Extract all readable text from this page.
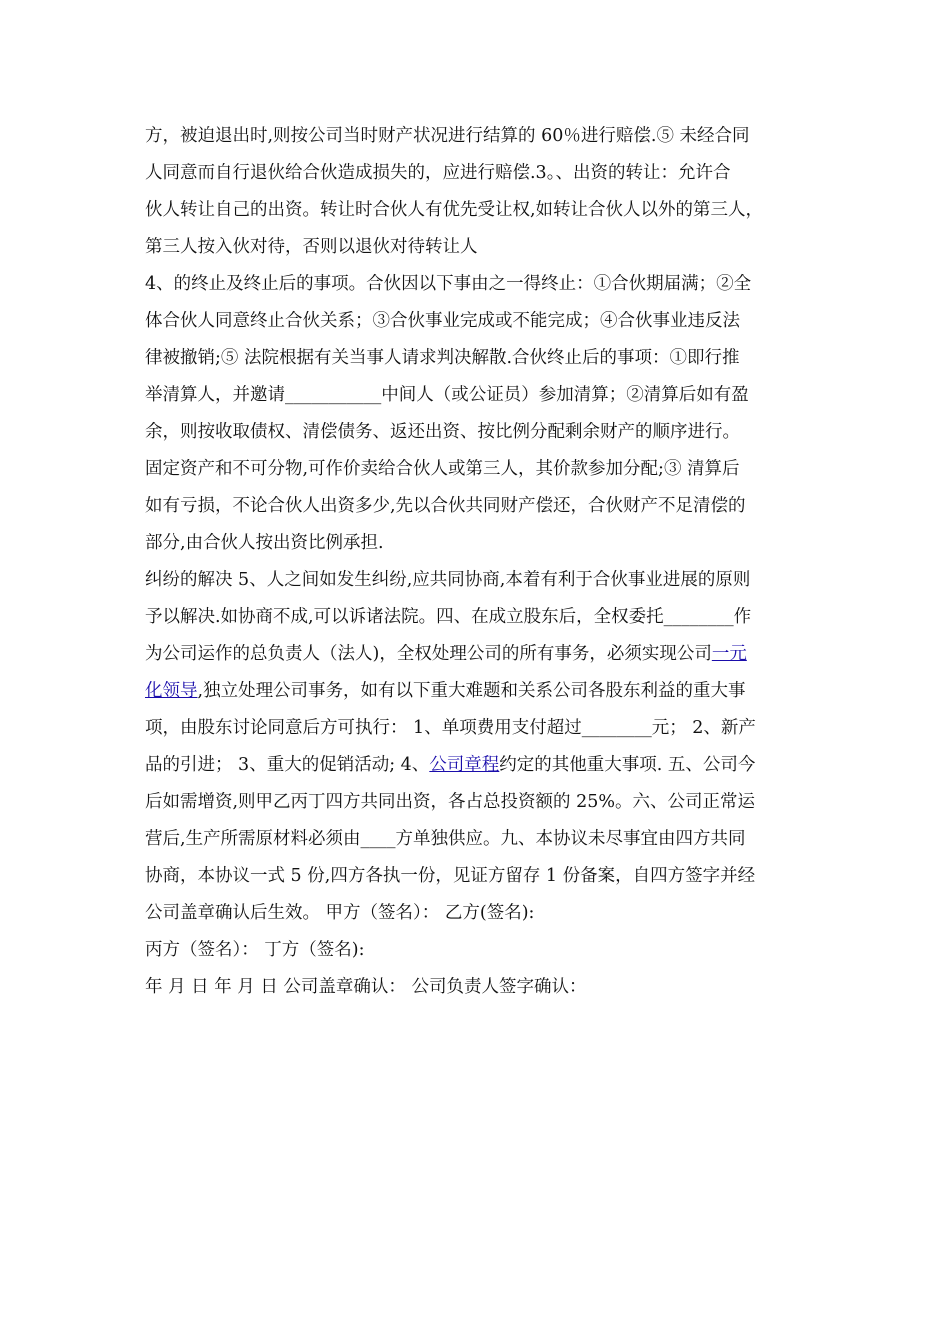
方，被迫退出时,则按公司当时财产状况进行结算的 60％进行赔偿.⑤ 未经合同
人同意而自行退伙给合伙造成损失的，应进行赔偿.3。、出资的转让：允许合
伙人转让自己的出资。转让时合伙人有优先受让权,如转让合伙人以外的第三人，
第三人按入伙对待，否则以退伙对待转让人
4、的终止及终止后的事项。合伙因以下事由之一得终止：①合伙期届满；②全
体合伙人同意终止合伙关系；③合伙事业完成或不能完成；④合伙事业违反法
律被撤销;⑤ 法院根据有关当事人请求判决解散.合伙终止后的事项：①即行推
举清算人，并邀请___________中间人（或公证员）参加清算；②清算后如有盈
余，则按收取债权、清偿债务、返还出资、按比例分配剩余财产的顺序进行。
固定资产和不可分物,可作价卖给合伙人或第三人，其价款参加分配;③ 清算后
如有亏损，不论合伙人出资多少,先以合伙共同财产偿还，合伙财产不足清偿的
部分,由合伙人按出资比例承担.
纠纷的解决 5、人之间如发生纠纷,应共同协商,本着有利于合伙事业进展的原则
予以解决.如协商不成,可以诉诸法院。四、在成立股东后，全权委托________作
为公司运作的总负责人（法人)，全权处理公司的所有事务，必须实现公司一元
化领导,独立处理公司事务，如有以下重大难题和关系公司各股东利益的重大事
项，由股东讨论同意后方可执行： 1、单项费用支付超过________元； 2、新产
品的引进； 3、重大的促销活动; 4、公司章程约定的其他重大事项. 五、公司今
后如需增资,则甲乙丙丁四方共同出资，各占总投资额的 25%。六、公司正常运
营后,生产所需原材料必须由____方单独供应。九、本协议未尽事宜由四方共同
协商，本协议一式 5 份,四方各执一份，见证方留存 1 份备案，自四方签字并经
公司盖章确认后生效。 甲方（签名）： 乙方(签名):
丙方（签名）： 丁方（签名):
年 月 日 年 月 日 公司盖章确认： 公司负责人签字确认：
